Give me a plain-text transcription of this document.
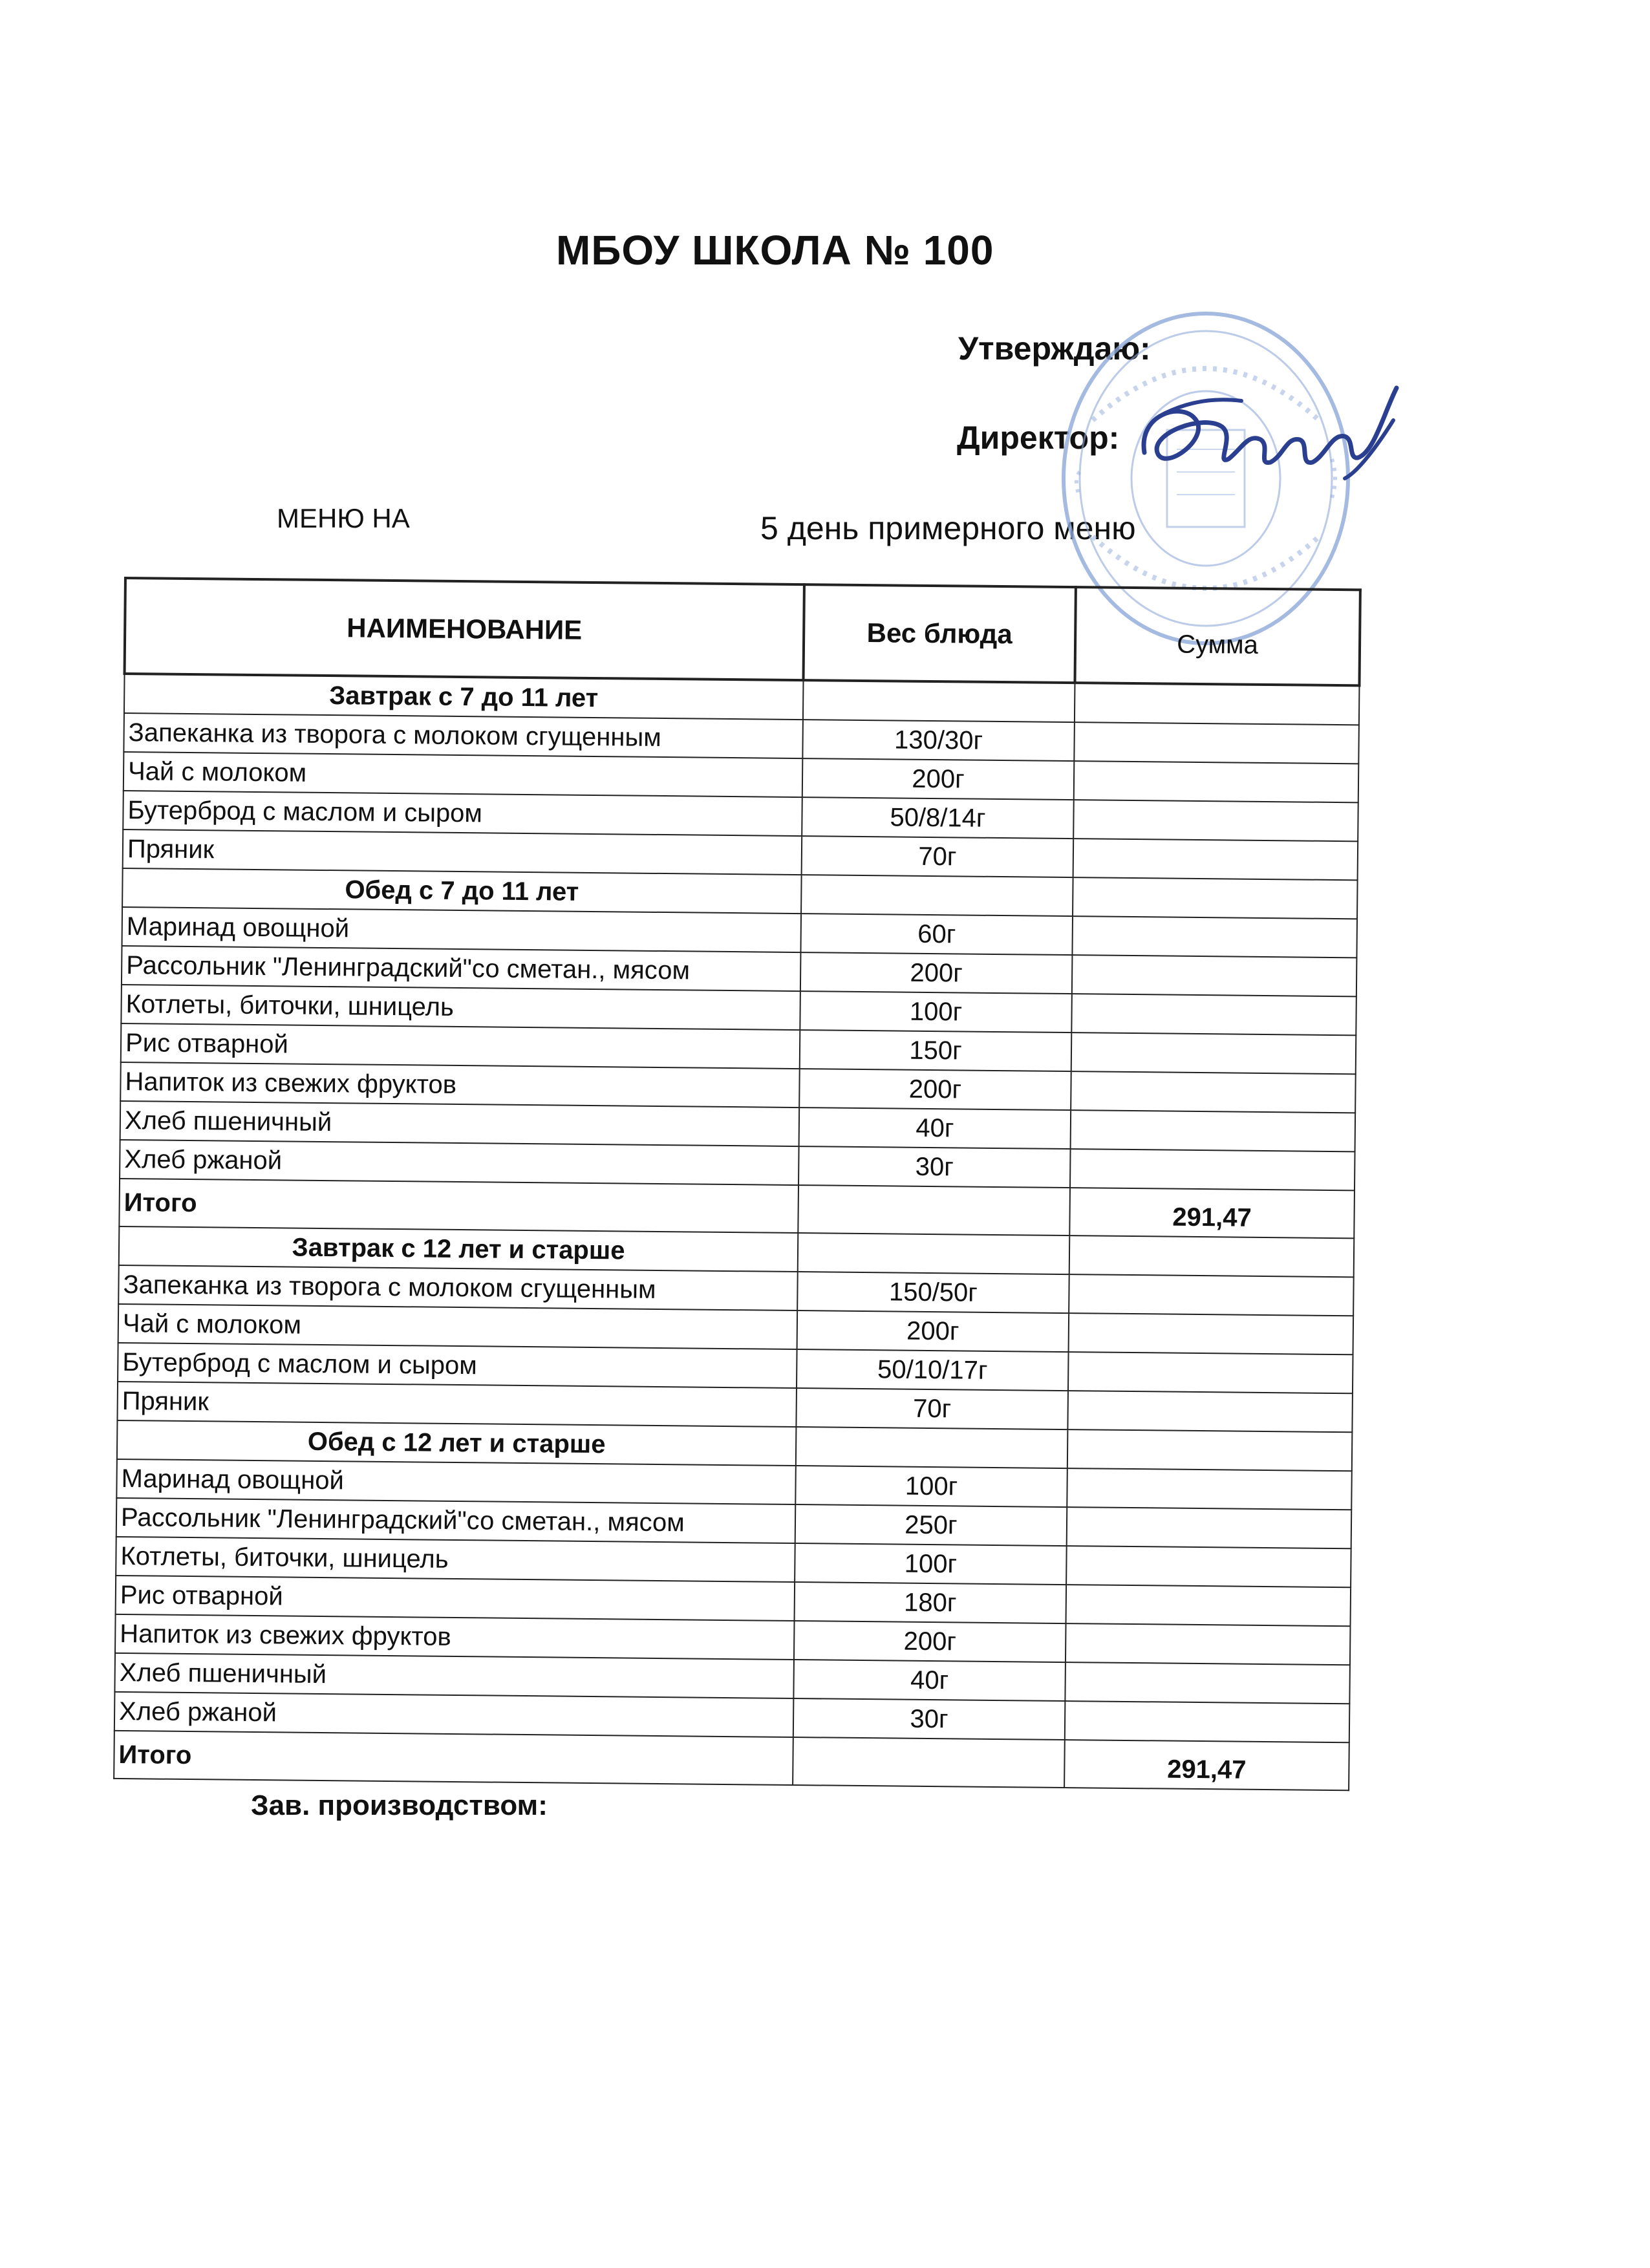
МБОУ ШКОЛА № 100
Утверждаю:
Директор:
МЕНЮ НА	5 день примерного меню
НАИМЕНОВАНИЕ	Вес блюда	Сумма
Завтрак с 7 до 11 лет		
Запеканка из творога с молоком сгущенным	130/30г	
Чай с молоком	200г	
Бутерброд с маслом и сыром	50/8/14г	
Пряник	70г	
Обед с 7 до 11 лет		
Маринад овощной	60г	
Рассольник "Ленинградский"со сметан., мясом	200г	
Котлеты, биточки, шницель	100г	
Рис отварной	150г	
Напиток из свежих фруктов	200г	
Хлеб пшеничный	40г	
Хлеб ржаной	30г	
Итого		291,47
Завтрак с 12 лет и старше		
Запеканка из творога с молоком сгущенным	150/50г	
Чай с молоком	200г	
Бутерброд с маслом и сыром	50/10/17г	
Пряник	70г	
Обед с 12 лет и старше		
Маринад овощной	100г	
Рассольник "Ленинградский"со сметан., мясом	250г	
Котлеты, биточки, шницель	100г	
Рис отварной	180г	
Напиток из свежих фруктов	200г	
Хлеб пшеничный	40г	
Хлеб ржаной	30г	
Итого		291,47
Зав. производством:
